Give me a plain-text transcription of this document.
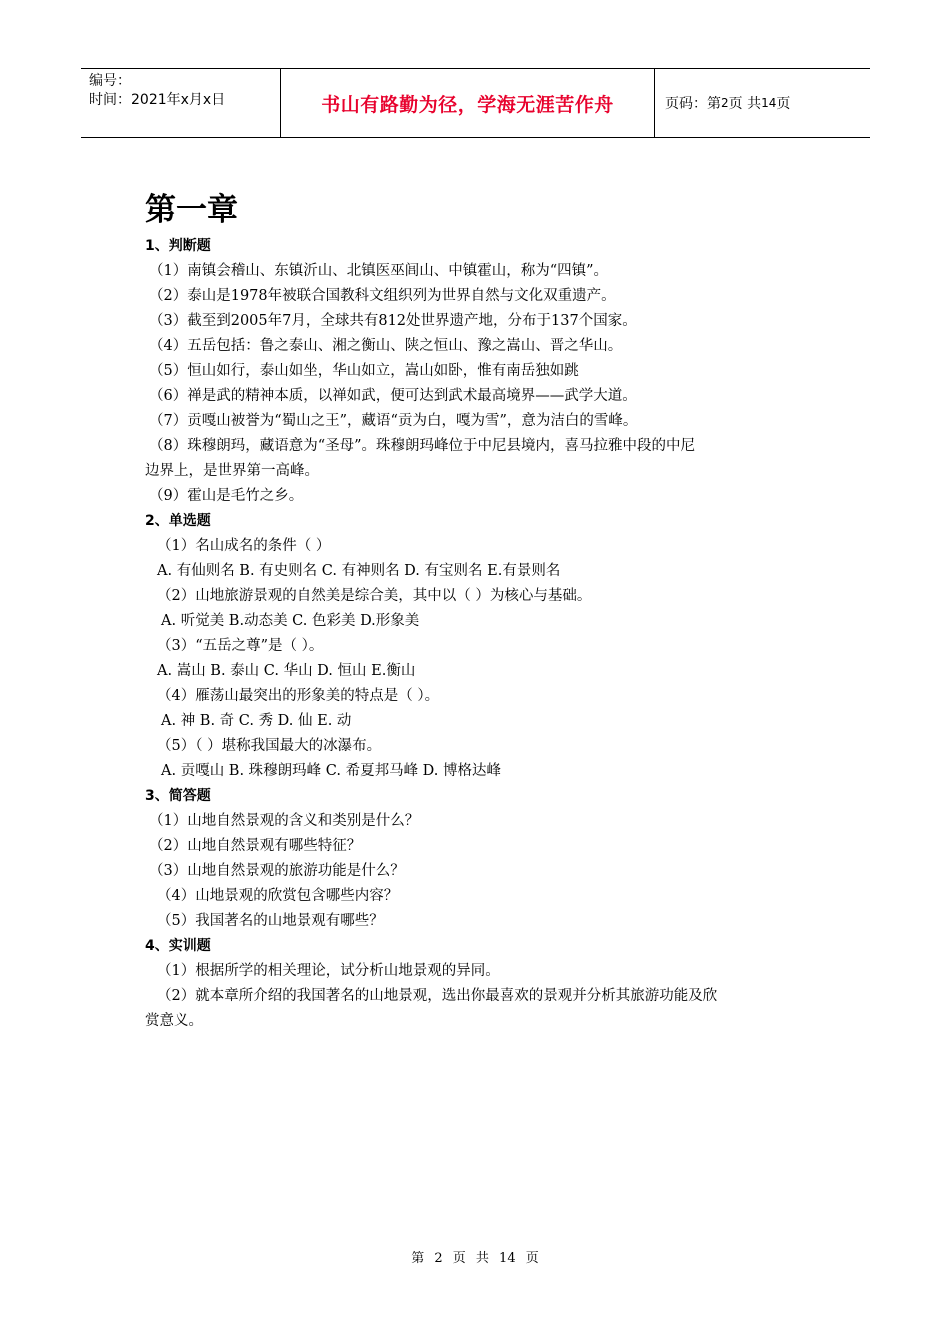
编号：
时间：2021年x月x日	书山有路勤为径，学海无涯苦作舟	页码：第 2 页 共 14 页
第一章
1、判断题
（1）南镇会稽山、东镇沂山、北镇医巫闾山、中镇霍山，称为“四镇”。
（2）泰山是1978年被联合国教科文组织列为世界自然与文化双重遗产。
（3）截至到2005年7月，全球共有812处世界遗产地，分布于137个国家。
（4）五岳包括：鲁之泰山、湘之衡山、陕之恒山、豫之嵩山、晋之华山。
（5）恒山如行，泰山如坐，华山如立，嵩山如卧，惟有南岳独如跳
（6）禅是武的精神本质，以禅如武，便可达到武术最高境界——武学大道。
（7）贡嘎山被誉为“蜀山之王”，藏语“贡为白，嘎为雪”，意为洁白的雪峰。
（8）珠穆朗玛，藏语意为“圣母”。珠穆朗玛峰位于中尼县境内，喜马拉雅中段的中尼
边界上，是世界第一高峰。
（9）霍山是毛竹之乡。
2、单选题
（1）名山成名的条件（ ）
A. 有仙则名 B. 有史则名 C. 有神则名 D. 有宝则名 E.有景则名
（2）山地旅游景观的自然美是综合美，其中以（ ）为核心与基础。
A. 听觉美 B.动态美 C. 色彩美 D.形象美
（3）“五岳之尊”是（ ）。
A. 嵩山 B. 泰山 C. 华山 D. 恒山 E.衡山
（4）雁荡山最突出的形象美的特点是（ ）。
A. 神 B. 奇 C. 秀 D. 仙 E. 动
（5）（ ）堪称我国最大的冰瀑布。
A. 贡嘎山 B. 珠穆朗玛峰 C. 希夏邦马峰 D. 博格达峰
3、简答题
（1）山地自然景观的含义和类别是什么？
（2）山地自然景观有哪些特征？
（3）山地自然景观的旅游功能是什么？
（4）山地景观的欣赏包含哪些内容？
（5）我国著名的山地景观有哪些？
4、实训题
（1）根据所学的相关理论，试分析山地景观的异同。
（2）就本章所介绍的我国著名的山地景观，选出你最喜欢的景观并分析其旅游功能及欣
赏意义。
第 2 页 共 14 页
